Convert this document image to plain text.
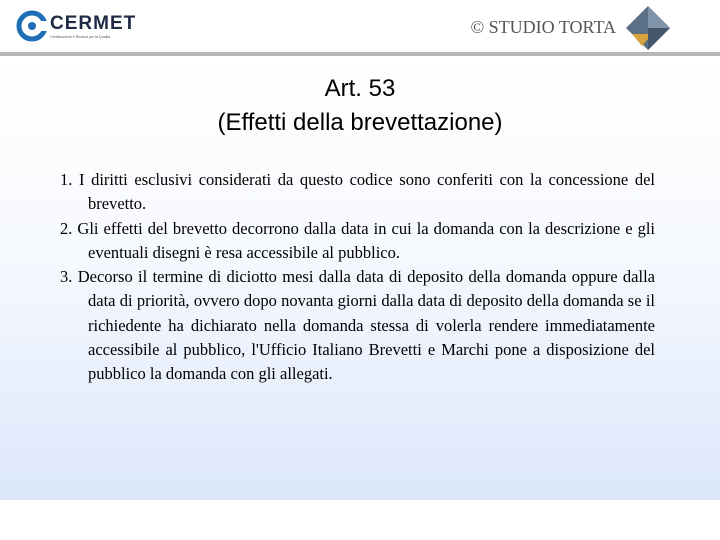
CERMET
Certificazione e Ricerca per la Qualità	© STUDIO TORTA
Art. 53
(Effetti della brevettazione)

1. I diritti esclusivi considerati da questo codice sono conferiti con la concessione del brevetto.

2. Gli effetti del brevetto decorrono dalla data in cui la domanda con la descrizione e gli eventuali disegni è resa accessibile al pubblico.

3. Decorso il termine di diciotto mesi dalla data di deposito della domanda oppure dalla data di priorità, ovvero dopo novanta giorni dalla data di deposito della domanda se il richiedente ha dichiarato nella domanda stessa di volerla rendere immediatamente accessibile al pubblico, l'Ufficio Italiano Brevetti e Marchi pone a disposizione del pubblico la domanda con gli allegati.
